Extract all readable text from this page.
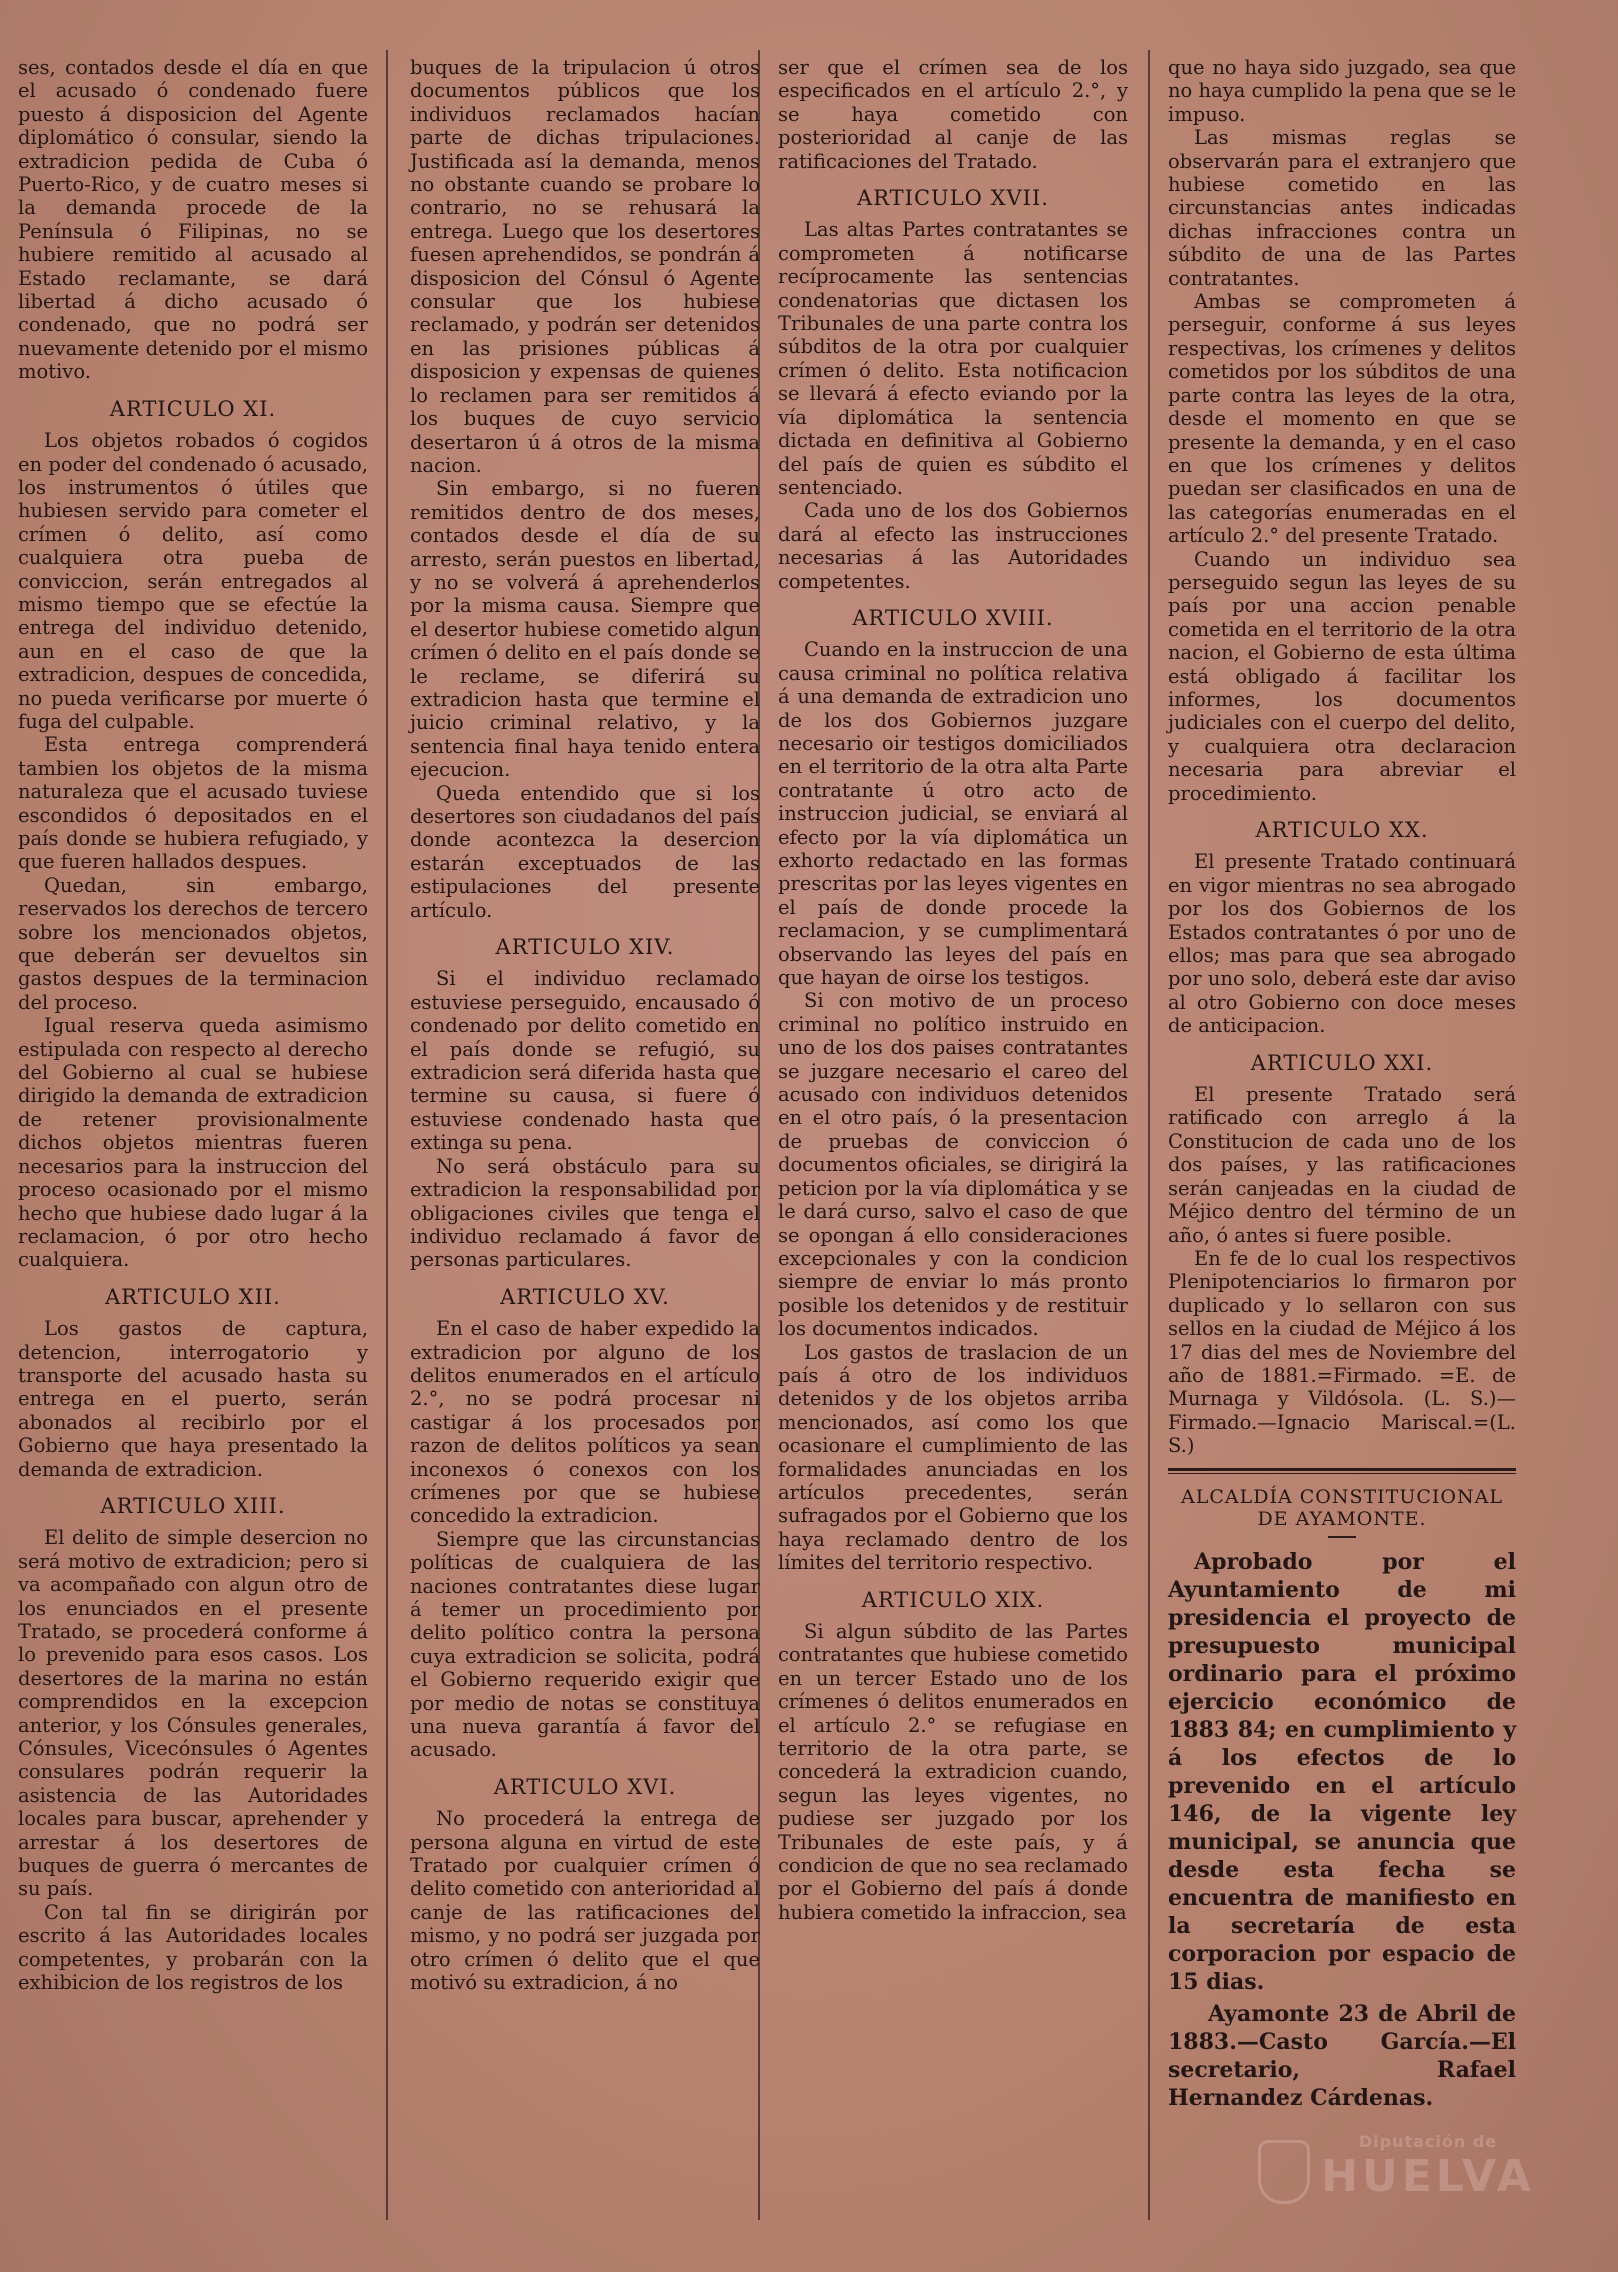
ses, contados desde el día en que el acusado ó condenado fuere puesto á disposicion del Agente diplomático ó consular, siendo la extradicion pedida de Cuba ó Puerto-Rico, y de cuatro meses si la demanda procede de la Península ó Filipinas, no se hubiere remitido al acusado al Estado reclamante, se dará libertad á dicho acusado ó condenado, que no podrá ser nuevamente detenido por el mismo motivo.

ARTICULO XI.

Los objetos robados ó cogidos en poder del condenado ó acusado, los instrumentos ó útiles que hubiesen servido para cometer el crímen ó delito, así como cualquiera otra pueba de conviccion, serán entregados al mismo tiempo que se efectúe la entrega del individuo detenido, aun en el caso de que la extradicion, despues de concedida, no pueda verificarse por muerte ó fuga del culpable.

Esta entrega comprenderá tambien los objetos de la misma naturaleza que el acusado tuviese escondidos ó depositados en el país donde se hubiera refugiado, y que fueren hallados despues.

Quedan, sin embargo, reservados los derechos de tercero sobre los mencionados objetos, que deberán ser devueltos sin gastos despues de la terminacion del proceso.

Igual reserva queda asimismo estipulada con respecto al derecho del Gobierno al cual se hubiese dirigido la demanda de extradicion de retener provisionalmente dichos objetos mientras fueren necesarios para la instruccion del proceso ocasionado por el mismo hecho que hubiese dado lugar á la reclamacion, ó por otro hecho cualquiera.

ARTICULO XII.

Los gastos de captura, detencion, interrogatorio y transporte del acusado hasta su entrega en el puerto, serán abonados al recibirlo por el Gobierno que haya presentado la demanda de extradicion.

ARTICULO XIII.

El delito de simple desercion no será motivo de extradicion; pero si va acompañado con algun otro de los enunciados en el presente Tratado, se procederá conforme á lo prevenido para esos casos. Los desertores de la marina no están comprendidos en la excepcion anterior, y los Cónsules generales, Cónsules, Vicecónsules ó Agentes consulares podrán requerir la asistencia de las Autoridades locales para buscar, aprehender y arrestar á los desertores de buques de guerra ó mercantes de su país.

Con tal fin se dirigirán por escrito á las Autoridades locales competentes, y probarán con la exhibicion de los registros de los

buques de la tripulacion ú otros documentos públicos que los individuos reclamados hacían parte de dichas tripulaciones. Justificada así la demanda, menos no obstante cuando se probare lo contrario, no se rehusará la entrega. Luego que los desertores fuesen aprehendidos, se pondrán á disposicion del Cónsul ó Agente consular que los hubiese reclamado, y podrán ser detenidos en las prisiones públicas á disposicion y expensas de quienes lo reclamen para ser remitidos á los buques de cuyo servicio desertaron ú á otros de la misma nacion.

Sin embargo, si no fueren remitidos dentro de dos meses, contados desde el día de su arresto, serán puestos en libertad, y no se volverá á aprehenderlos por la misma causa. Siempre que el desertor hubiese cometido algun crímen ó delito en el país donde se le reclame, se diferirá su extradicion hasta que termine el juicio criminal relativo, y la sentencia final haya tenido entera ejecucion.

Queda entendido que si los desertores son ciudadanos del país donde acontezca la desercion estarán exceptuados de las estipulaciones del presente artículo.

ARTICULO XIV.

Si el individuo reclamado estuviese perseguido, encausado ó condenado por delito cometido en el país donde se refugió, su extradicion será diferida hasta que termine su causa, si fuere ó estuviese condenado hasta que extinga su pena.

No será obstáculo para su extradicion la responsabilidad por obligaciones civiles que tenga el individuo reclamado á favor de personas particulares.

ARTICULO XV.

En el caso de haber expedido la extradicion por alguno de los delitos enumerados en el artículo 2.°, no se podrá procesar ni castigar á los procesados por razon de delitos políticos ya sean inconexos ó conexos con los crímenes por que se hubiese concedido la extradicion.

Siempre que las circunstancias políticas de cualquiera de las naciones contratantes diese lugar á temer un procedimiento por delito político contra la persona cuya extradicion se solicita, podrá el Gobierno requerido exigir que por medio de notas se constituya una nueva garantía á favor del acusado.

ARTICULO XVI.

No procederá la entrega de persona alguna en virtud de este Tratado por cualquier crímen ó delito cometido con anterioridad al canje de las ratificaciones del mismo, y no podrá ser juzgada por otro crímen ó delito que el que motivó su extradicion, á no

ser que el crímen sea de los especificados en el artículo 2.°, y se haya cometido con posterioridad al canje de las ratificaciones del Tratado.

ARTICULO XVII.

Las altas Partes contratantes se comprometen á notificarse recíprocamente las sentencias condenatorias que dictasen los Tribunales de una parte contra los súbditos de la otra por cualquier crímen ó delito. Esta notificacion se llevará á efecto eviando por la vía diplomática la sentencia dictada en definitiva al Gobierno del país de quien es súbdito el sentenciado.

Cada uno de los dos Gobiernos dará al efecto las instrucciones necesarias á las Autoridades competentes.

ARTICULO XVIII.

Cuando en la instruccion de una causa criminal no política relativa á una demanda de extradicion uno de los dos Gobiernos juzgare necesario oir testigos domiciliados en el territorio de la otra alta Parte contratante ú otro acto de instruccion judicial, se enviará al efecto por la vía diplomática un exhorto redactado en las formas prescritas por las leyes vigentes en el país de donde procede la reclamacion, y se cumplimentará observando las leyes del país en que hayan de oirse los testigos.

Si con motivo de un proceso criminal no político instruido en uno de los dos paises contratantes se juzgare necesario el careo del acusado con individuos detenidos en el otro país, ó la presentacion de pruebas de conviccion ó documentos oficiales, se dirigirá la peticion por la vía diplomática y se le dará curso, salvo el caso de que se opongan á ello consideraciones excepcionales y con la condicion siempre de enviar lo más pronto posible los detenidos y de restituir los documentos indicados.

Los gastos de traslacion de un país á otro de los individuos detenidos y de los objetos arriba mencionados, así como los que ocasionare el cumplimiento de las formalidades anunciadas en los artículos precedentes, serán sufragados por el Gobierno que los haya reclamado dentro de los límites del territorio respectivo.

ARTICULO XIX.

Si algun súbdito de las Partes contratantes que hubiese cometido en un tercer Estado uno de los crímenes ó delitos enumerados en el artículo 2.° se refugiase en territorio de la otra parte, se concederá la extradicion cuando, segun las leyes vigentes, no pudiese ser juzgado por los Tribunales de este país, y á condicion de que no sea reclamado por el Gobierno del país á donde hubiera cometido la infraccion, sea

que no haya sido juzgado, sea que no haya cumplido la pena que se le impuso.

Las mismas reglas se observarán para el extranjero que hubiese cometido en las circunstancias antes indicadas dichas infracciones contra un súbdito de una de las Partes contratantes.

Ambas se comprometen á perseguir, conforme á sus leyes respectivas, los crímenes y delitos cometidos por los súbditos de una parte contra las leyes de la otra, desde el momento en que se presente la demanda, y en el caso en que los crímenes y delitos puedan ser clasificados en una de las categorías enumeradas en el artículo 2.° del presente Tratado.

Cuando un individuo sea perseguido segun las leyes de su país por una accion penable cometida en el territorio de la otra nacion, el Gobierno de esta última está obligado á facilitar los informes, los documentos judiciales con el cuerpo del delito, y cualquiera otra declaracion necesaria para abreviar el procedimiento.

ARTICULO XX.

El presente Tratado continuará en vigor mientras no sea abrogado por los dos Gobiernos de los Estados contratantes ó por uno de ellos; mas para que sea abrogado por uno solo, deberá este dar aviso al otro Gobierno con doce meses de anticipacion.

ARTICULO XXI.

El presente Tratado será ratificado con arreglo á la Constitucion de cada uno de los dos países, y las ratificaciones serán canjeadas en la ciudad de Méjico dentro del término de un año, ó antes si fuere posible.

En fe de lo cual los respectivos Plenipotenciarios lo firmaron por duplicado y lo sellaron con sus sellos en la ciudad de Méjico á los 17 dias del mes de Noviembre del año de 1881.=Firmado. =E. de Murnaga y Vildósola. (L. S.)—Firmado.—Ignacio Mariscal.=(L. S.)

ALCALDÍA CONSTITUCIONAL
DE AYAMONTE.

Aprobado por el Ayuntamiento de mi presidencia el proyecto de presupuesto municipal ordinario para el próximo ejercicio económico de 1883 84; en cumplimiento y á los efectos de lo prevenido en el artículo 146, de la vigente ley municipal, se anuncia que desde esta fecha se encuentra de manifiesto en la secretaría de esta corporacion por espacio de 15 dias.

Ayamonte 23 de Abril de 1883.—Casto García.—El secretario, Rafael Hernandez Cárdenas.

Diputación de
HUELVA
